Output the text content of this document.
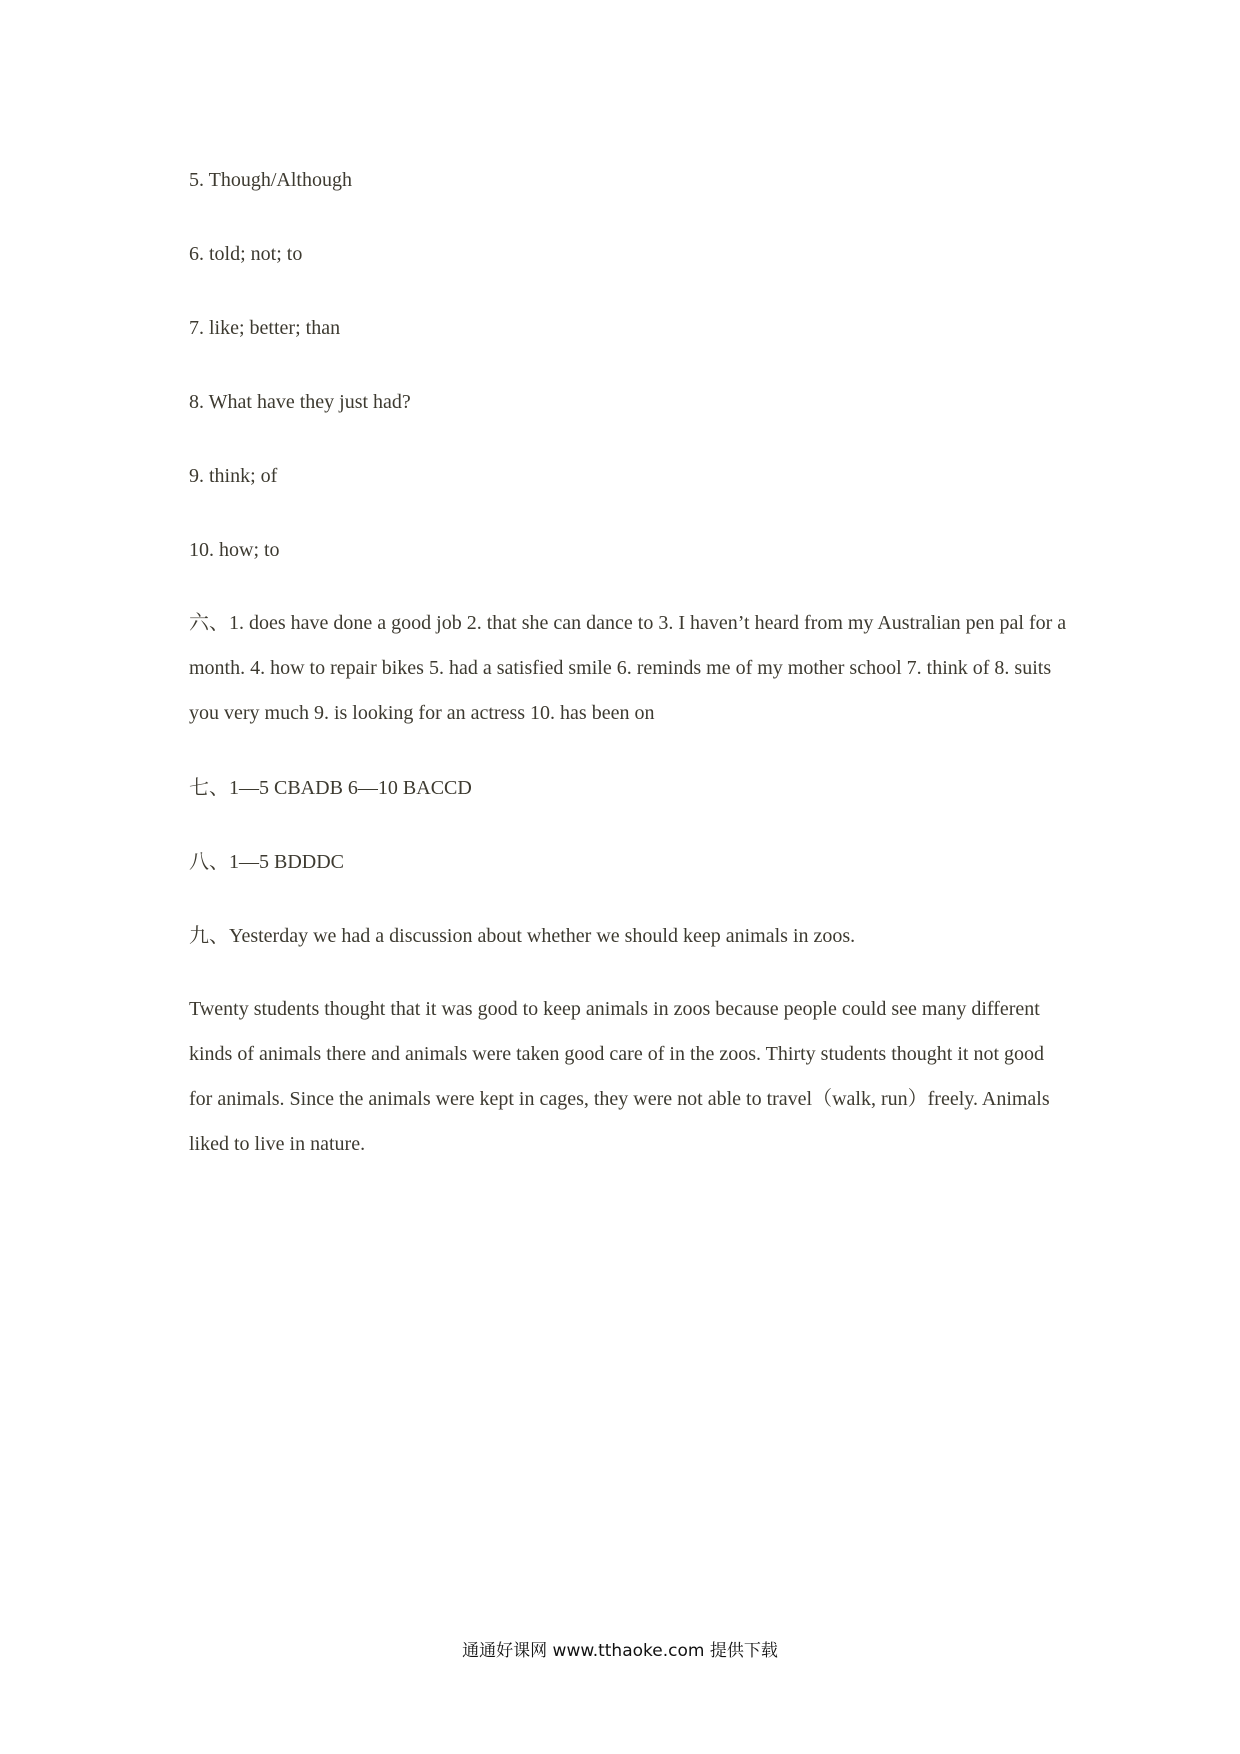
5. Though/Although
6. told; not; to
7. like; better; than
8. What have they just had?
9. think; of
10. how; to
六、1. does have done a good job 2. that she can dance to 3. I haven’t heard from my Australian pen pal for a month. 4. how to repair bikes 5. had a satisfied smile 6. reminds me of my mother school 7. think of 8. suits you very much 9. is looking for an actress 10. has been on
七、1—5 CBADB 6—10 BACCD
八、1—5 BDDDC
九、Yesterday we had a discussion about whether we should keep animals in zoos.
Twenty students thought that it was good to keep animals in zoos because people could see many different kinds of animals there and animals were taken good care of in the zoos. Thirty students thought it not good for animals. Since the animals were kept in cages, they were not able to travel（walk, run）freely. Animals liked to live in nature.
通通好课网 www.tthaoke.com 提供下载
